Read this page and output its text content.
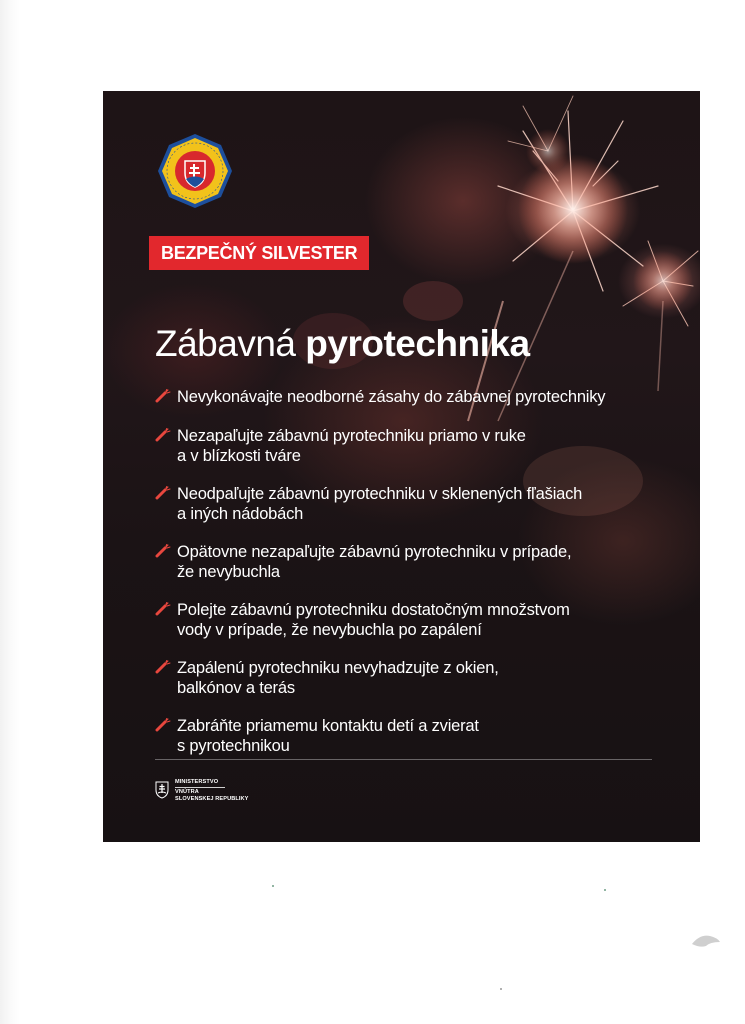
BEZPEČNÝ SILVESTER
Zábavná pyrotechnika
Nevykonávajte neodborné zásahy do zábavnej pyrotechniky
Nezapaľujte zábavnú pyrotechniku priamo v ruke
a v blízkosti tváre
Neodpaľujte zábavnú pyrotechniku v sklenených fľašiach
a iných nádobách
Opätovne nezapaľujte zábavnú pyrotechniku v prípade,
že nevybuchla
Polejte zábavnú pyrotechniku dostatočným množstvom
vody v prípade, že nevybuchla po zapálení
Zapálenú pyrotechniku nevyhadzujte z okien,
balkónov a terás
Zabráňte priamemu kontaktu detí a zvierat
s pyrotechnikou
MINISTERSTVO
VNÚTRA
SLOVENSKEJ REPUBLIKY
